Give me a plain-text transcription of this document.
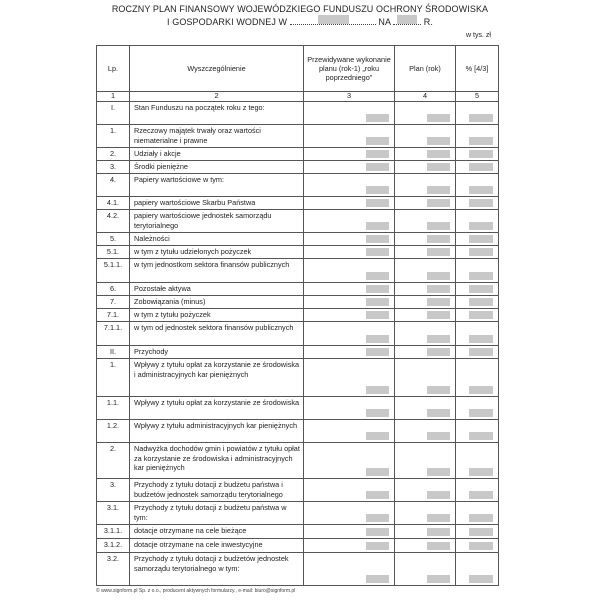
ROCZNY PLAN FINANSOWY WOJEWÓDZKIEGO FUNDUSZU OCHRONY ŚRODOWISKA
I GOSPODARKI WODNEJ W	NA	R.
w tys. zł
Lp.	Wyszczególnienie	Przewidywane wykonanie planu (rok-1) „roku poprzedniego"	Plan (rok)	% [4/3]
1	2	3	4	5
I.	Stan Funduszu na początek roku z tego:	

1.	Rzeczowy majątek trwały oraz wartości niematerialne i prawne	

2.	Udziały i akcje	

3.	Środki pieniężne	

4.	Papiery wartościowe w tym:	

4.1.	papiery wartościowe Skarbu Państwa	

4.2.	papiery wartościowe jednostek samorządu terytorialnego	

5.	Należności	

5.1.	w tym z tytułu udzielonych pożyczek	

5.1.1.	w tym jednostkom sektora finansów publicznych	

6.	Pozostałe aktywa	

7.	Zobowiązania (minus)	

7.1.	w tym z tytułu pożyczek	

7.1.1.	w tym od jednostek sektora finansów publicznych	

II.	Przychody	

1.	Wpływy z tytułu opłat za korzystanie ze środowiska i administracyjnych kar pieniężnych	

1.1.	Wpływy z tytułu opłat za korzystanie ze środowiska	

1.2.	Wpływy z tytułu administracyjnych kar pieniężnych	

2.	Nadwyżka dochodów gmin i powiatów z tytułu opłat za korzystanie ze środowiska i administracyjnych kar pieniężnych	

3.	Przychody z tytułu dotacji z budżetu państwa i budżetów jednostek samorządu terytorialnego	

3.1.	Przychody z tytułu dotacji z budżetu państwa w tym:	

3.1.1.	dotacje otrzymane na cele bieżące	

3.1.2.	dotacje otrzymane na cele inwestycyjne	

3.2.	Przychody z tytułu dotacji z budżetów jednostek samorządu terytorialnego w tym:	

© www.signform.pl Sp. z o.o., producent aktywnych formularzy., e-mail: biuro@signform.pl
